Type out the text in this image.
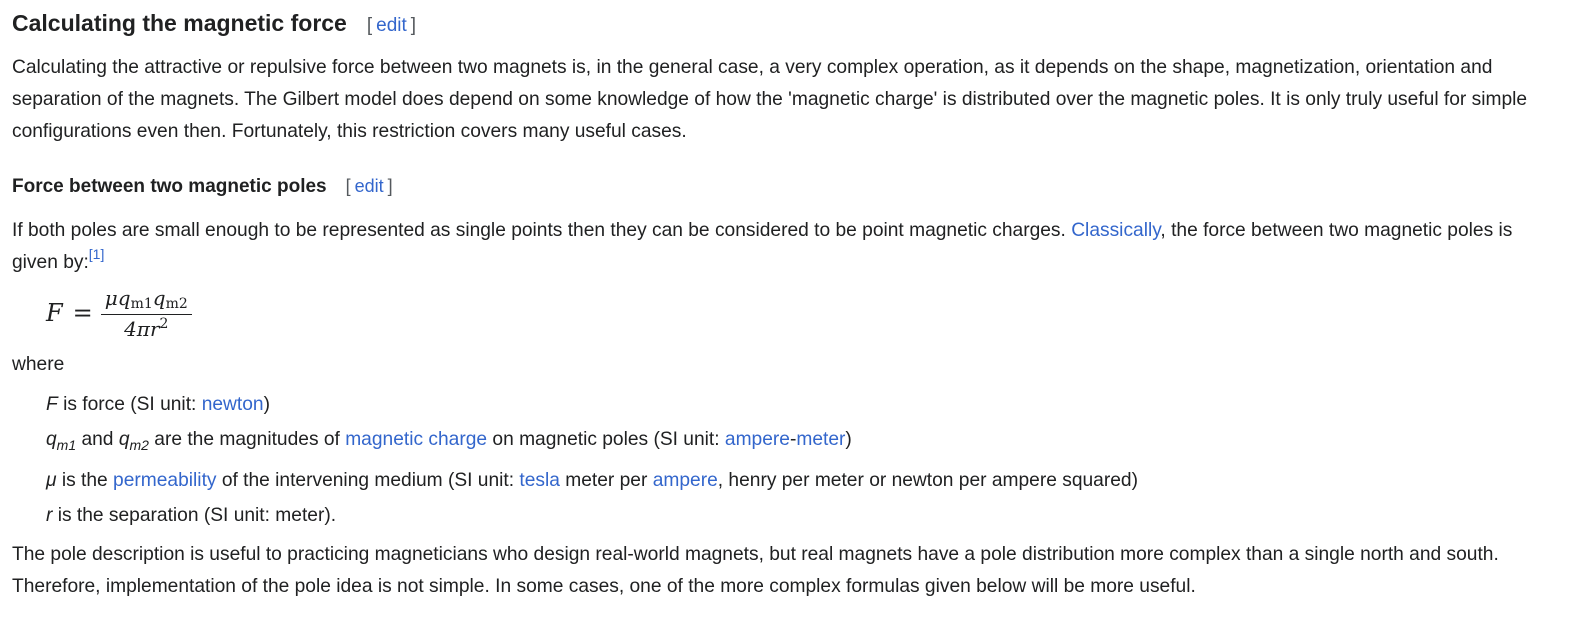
Calculating the magnetic force [ edit ]

Calculating the attractive or repulsive force between two magnets is, in the general case, a very complex operation, as it depends on the shape, magnetization, orientation and separation of the magnets. The Gilbert model does depend on some knowledge of how the 'magnetic charge' is distributed over the magnetic poles. It is only truly useful for simple configurations even then. Fortunately, this restriction covers many useful cases.

Force between two magnetic poles [ edit ]

If both poles are small enough to be represented as single points then they can be considered to be point magnetic charges. Classically, the force between two magnetic poles is given by:[1]

$F = \frac{\mu q_{m1}q_{m2}}{4\pi r^2}$

where

F is force (SI unit: newton)
$q_{m1}$ and $q_{m2}$ are the magnitudes of magnetic charge on magnetic poles (SI unit: ampere-meter)
μ is the permeability of the intervening medium (SI unit: tesla meter per ampere, henry per meter or newton per ampere squared)
r is the separation (SI unit: meter).

The pole description is useful to practicing magneticians who design real-world magnets, but real magnets have a pole distribution more complex than a single north and south. Therefore, implementation of the pole idea is not simple. In some cases, one of the more complex formulas given below will be more useful.
